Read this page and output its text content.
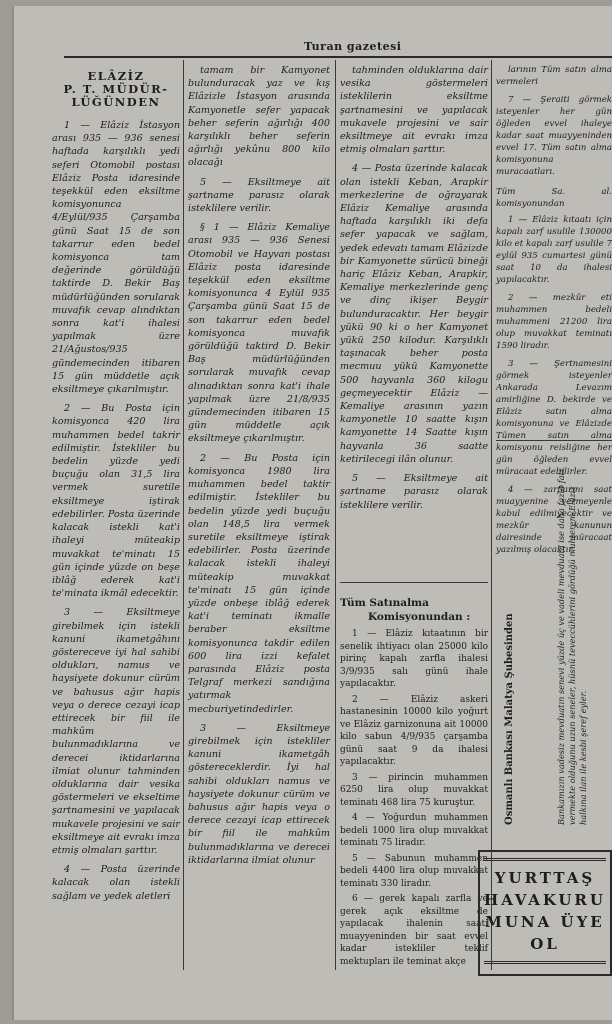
Turan gazetesi
ELÂZİZ
P. T. MÜDÜR-
LÜĞÜNDEN

1 — Elâziz İstasyon arası 935 — 936 senesi haftada karşılıklı yedi seferi Otomobil postası Elâziz Posta idaresinde teşekkül eden eksiltme komisyonunca 4/Eylül/935 Çarşamba günü Saat 15 de son takarrur eden bedel komisyonca tam değerinde görüldüğü taktirde D. Bekir Baş müdürlüğünden sorularak muvafık cevap alındıktan sonra kat'i ihalesi yapılmak üzre 21/Ağustos/935 gündemecinden itibaren 15 gün müddetle açık eksiltmeye çıkarılmıştır.

2 — Bu Posta için komisyonca 420 lira muhammen bedel takrir edilmiştir. İstekliler bu bedelin yüzde yedi buçuğu olan 31,5 lira vermek suretile eksiltmeye iştirak edebilirler. Posta üzerinde kalacak istekli kat'i ihaleyi müteakip muvakkat te'minatı 15 gün içinde yüzde on beşe iblâğ ederek kat'i te'minata ikmâl edecektir.

3 — Eksiltmeye girebilmek için istekli kanuni ikametgâhını göstereceve iyi hal sahibi oldukları, namus ve haysiyete dokunur cürüm ve bahusus ağır hapis veya o derece cezayi icap ettirecek bir fiil ile mahkûm bulunmadıklarına ve derecei iktidarlarına ilmiat olunur tahminden olduklarına dair vesika göstermeleri ve ekseltime şartnamesini ve yapılacak mukavele projesini ve sair eksiltmeye ait evrakı imza etmiş olmaları şarttır.

4 — Posta üzerinde kalacak olan istekli sağlam ve yedek aletleri

tamam bir Kamyonet bulunduracak yaz ve kış Elâzizle İstasyon arasında Kamyonetle sefer yapacak beher seferin ağırlığı 400 karşılıklı beher seferin ağırlığı yekûnu 800 kilo olacağı

5 — Eksiltmeye ait şartname parasız olarak isteklilere verilir.

§ 1 — Elâziz Kemaliye arası 935 — 936 Senesi Otomobil ve Hayvan postası Elâziz posta idaresinde teşekkül eden eksiltme komisyonunca 4 Eylül 935 Çarşamba günü Saat 15 de son takarrur eden bedel komisyonca muvafık görüldüğü taktird D. Bekir Baş müdürlüğünden sorularak muvafık cevap alınadıktan sonra kat'i ihale yapılmak üzre 21/8/935 gündemecinden itibaren 15 gün müddetle açık eksiltmeye çıkarılmıştır.

2 — Bu Posta için komisyonca 1980 lira muhammen bedel taktir edilmiştir. İstekliler bu bedelin yüzde yedi buçuğu olan 148,5 lira vermek suretile eksiltmeye iştirak edebilirler. Posta üzerinde kalacak istekli ihaleyi müteakip muvakkat te'minatı 15 gün içinde yüzde onbeşe iblâğ ederek kat'i teminatı ikmalle beraber eksiltme komisyonunca takdir edilen 600 lira izzi kefalet parasında Elâziz posta Telgraf merkezi sandığına yatırmak mecburiyetindedirler.

3 — Eksiltmeye girebilmek için istekliler kanuni ikametgâh göstereceklerdir. İyi hal sahibi oldukları namus ve haysiyete dokunur cürüm ve bahusus ağır hapis veya o derece cezayi icap ettirecek bir fiil ile mahkûm bulunmadıklarına ve derecei iktidarlarına ilmiat olunur

tahminden olduklarına dair vesika göstermeleri isteklilerin eksiltme şartnamesini ve yapılacak mukavele projesini ve sair eksiltmeye ait evrakı imza etmiş olmaları şarttır.

4 — Posta üzerinde kalacak olan istekli Keban, Arapkir merkezlerine de oğrayarak Elâziz Kemaliye arasında haftada karşılıklı iki defa sefer yapacak ve sağlam, yedek edevatı tamam Elâzizde bir Kamyonette sürücü bineği hariç Elâziz Keban, Arapkir, Kemaliye merkezlerinde genç ve dinç ikişer Beygir bulunduracaktır. Her beygir yükü 90 ki o her Kamyonet yükü 250 kilodur. Karşılıklı taşınacak beher posta mecmuu yükü Kamyonette 500 hayvanla 360 kilogu geçmeyecektir Elâziz — Kemaliye arasının yazın kamyonetle 10 saatte kışın kamyonette 14 Saatte kışın hayvanla 36 saatte ketirilecegi ilân olunur.

5 — Eksiltmeye ait şartname parasız olarak isteklilere verilir.

Tüm Satınalma
Komisyonundan :

1 — Elâziz kıtaatının bir senelik ihtiyacı olan 25000 kilo pirinç kapalı zarfla ihalesi 3/9/935 salı günü ihale yapılacaktır.

2 — Elâziz askeri hastanesinin 10000 kilo yoğurt ve Elâziz garnizonuna ait 10000 kilo sabun 4/9/935 çarşamba günü saat 9 da ihalesi yapılacaktır.

3 — pirincin muhammen 6250 lira olup muvakkat teminatı 468 lira 75 kuruştur.

4 — Yoğurdun muhammen bedeli 1000 lira olup muvakkat teminatı 75 liradır.

5 — Sabunun muhammen bedeli 4400 lira olup muvakkat teminatı 330 liradır.

6 — gerek kapalı zarfla ve gerek açık eksiltme de yapılacak ihalenin saati muayyeninden bir saat evvel kadar istekliler teklif mektupları ile teminat akçe

larının Tüm satın alma vermeleri

7 — Şeraiti görmek isteyenler her gün öğleden evvel ihaleye kadar saat muayyeninden evvel 17. Tüm satın alma komisyonuna muracaatları.

Tüm Sa. al. komisyonundan

1 — Elâziz kıtaatı için kapalı zarf usulile 130000 kilo et kapalı zarf usulile 7 eylül 935 cumartesi günü saat 10 da ihalesi yapılacaktır.

2 — mezkûr eti muhammen bedeli muhammeni 21200 lira olup muvakkat teminatı 1590 liradır.

3 — Şertnamesini görmek isteyenler Ankarada Levazım amirliğine D. bekirde ve Elâziz satın alma komisyonuna ve Elâzizde Tümen satın alma komisyonu reisliğine her gün öğleden evvel müracaat edebilirler.

4 — zarflarını saat muayyenine vermeyenle kabul edilmiyecektir ve mezkûr kanunun dairesinde müracaat yazılmış olacaktır.

Osmanlı Bankası Malatya Şubesinden	Bankamızın vadesiz mevduatın senevi yüzde üç ve vadeli mevduata ise daha fazla faiz vermekte olduğunu uzun seneler, hüsnü teveccühlerini gördüğü muhterem Elâziz halkına ilan ile kesbi şeref eyler.
YURTTAŞ
HAVAKURU
MUNA ÜYE
OL
